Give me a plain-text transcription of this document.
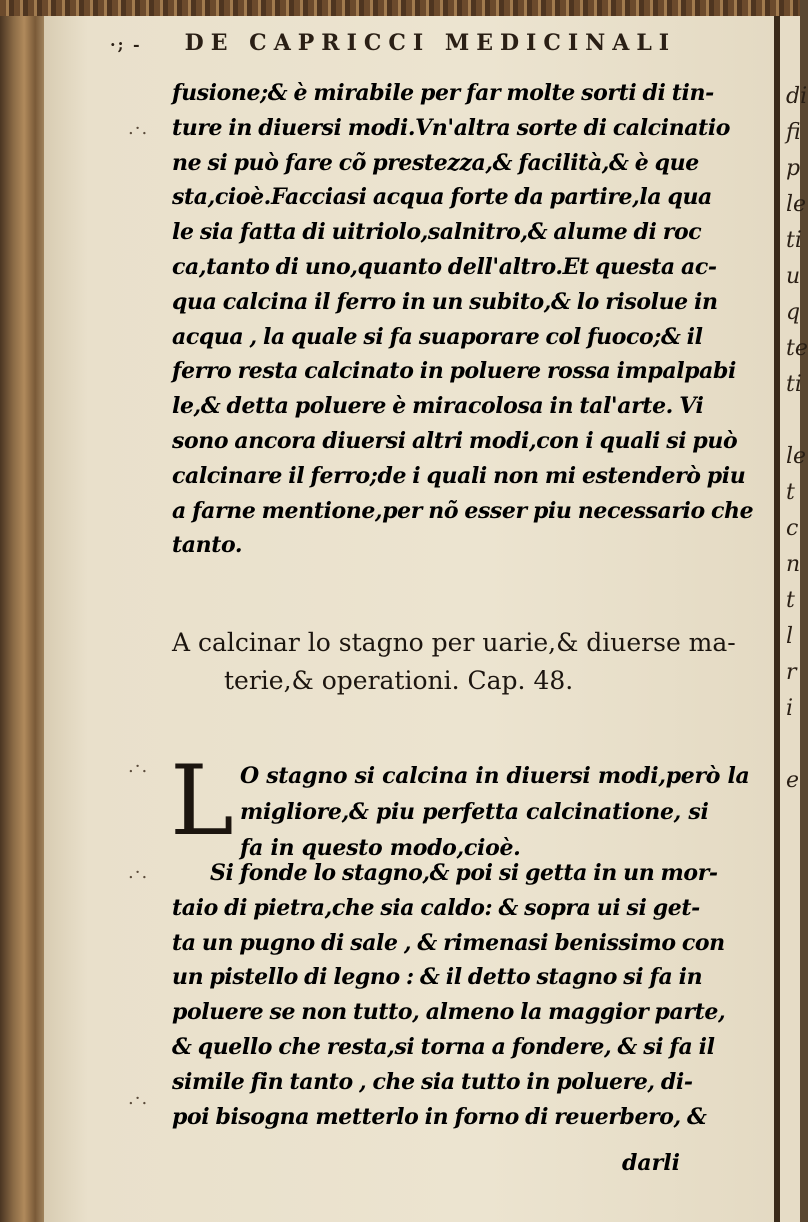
·; - DE CAPRICCI MEDICINALI
.·.
.·.
.·.
.·.
fusione;& è mirabile per far molte sorti di tin-
ture in diuersi modi.Vn'altra sorte di calcinatio
ne si può fare cõ prestezza,& facilità,& è que
sta,cioè.Facciasi acqua forte da partire,la qua
le sia fatta di uitriolo,salnitro,& alume di roc
ca,tanto di uno,quanto dell'altro.Et questa ac-
qua calcina il ferro in un subito,& lo risolue in
acqua , la quale si fa suaporare col fuoco;& il
ferro resta calcinato in poluere rossa impalpabi
le,& detta poluere è miracolosa in tal'arte. Vi
sono ancora diuersi altri modi,con i quali si può
calcinare il ferro;de i quali non mi estenderò piu
a farne mentione,per nõ esser piu necessario che
tanto.
A calcinar lo stagno per uarie,& diuerse ma-
terie,& operationi. Cap. 48.
L O stagno si calcina in diuersi modi,però la
migliore,& piu perfetta calcinatione, si
fa in questo modo,cioè.
Si fonde lo stagno,& poi si getta in un mor-
taio di pietra,che sia caldo: & sopra ui si get-
ta un pugno di sale , & rimenasi benissimo con
un pistello di legno : & il detto stagno si fa in
poluere se non tutto, almeno la maggior parte,
& quello che resta,si torna a fondere, & si fa il
simile fin tanto , che sia tutto in poluere, di-
poi bisogna metterlo in forno di reuerbero, &
darli
di
fi
p
le
ti
u
q
te
ti
le
t
c
n
t
l
r
i
e
